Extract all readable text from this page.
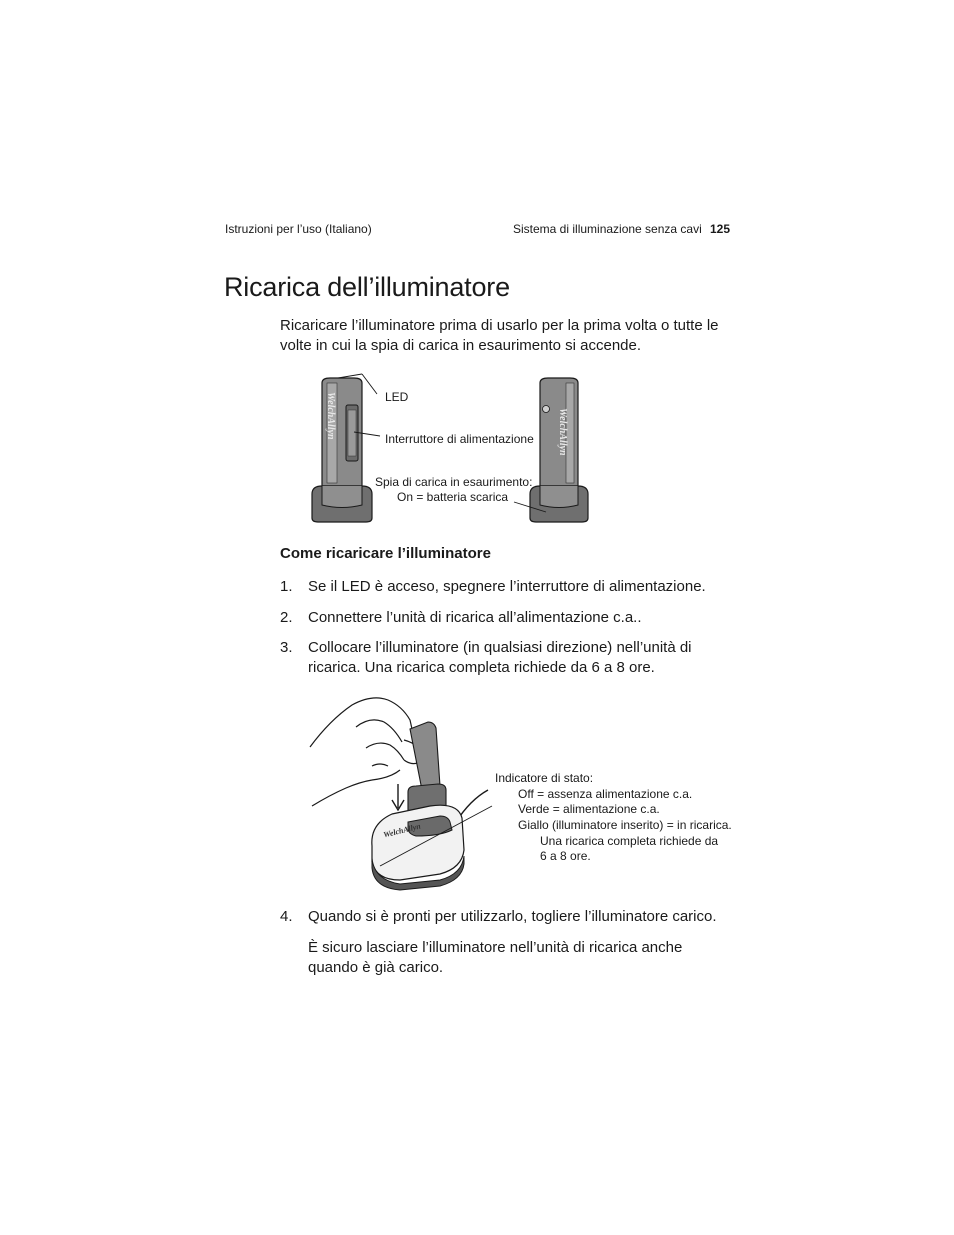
Istruzioni per l’uso (Italiano)	Sistema di illuminazione senza cavi 125
Ricarica dell’illuminatore
Ricaricare l’illuminatore prima di usarlo per la prima volta o tutte le volte in cui la spia di carica in esaurimento si accende.
WelchAllyn	WelchAllyn
LED
Interruttore di alimentazione
Spia di carica in esaurimento:
On = batteria scarica
Come ricaricare l’illuminatore
1. Se il LED è acceso, spegnere l’interruttore di alimentazione.
2. Connettere l’unità di ricarica all’alimentazione c.a..
3. Collocare l’illuminatore (in qualsiasi direzione) nell’unità di ricarica. Una ricarica completa richiede da 6 a 8 ore.
WelchAllyn
Indicatore di stato:
Off = assenza alimentazione c.a.
Verde = alimentazione c.a.
Giallo (illuminatore inserito) = in ricarica.
Una ricarica completa richiede da
6 a 8 ore.
4. Quando si è pronti per utilizzarlo, togliere l’illuminatore carico.
È sicuro lasciare l’illuminatore nell’unità di ricarica anche quando è già carico.
